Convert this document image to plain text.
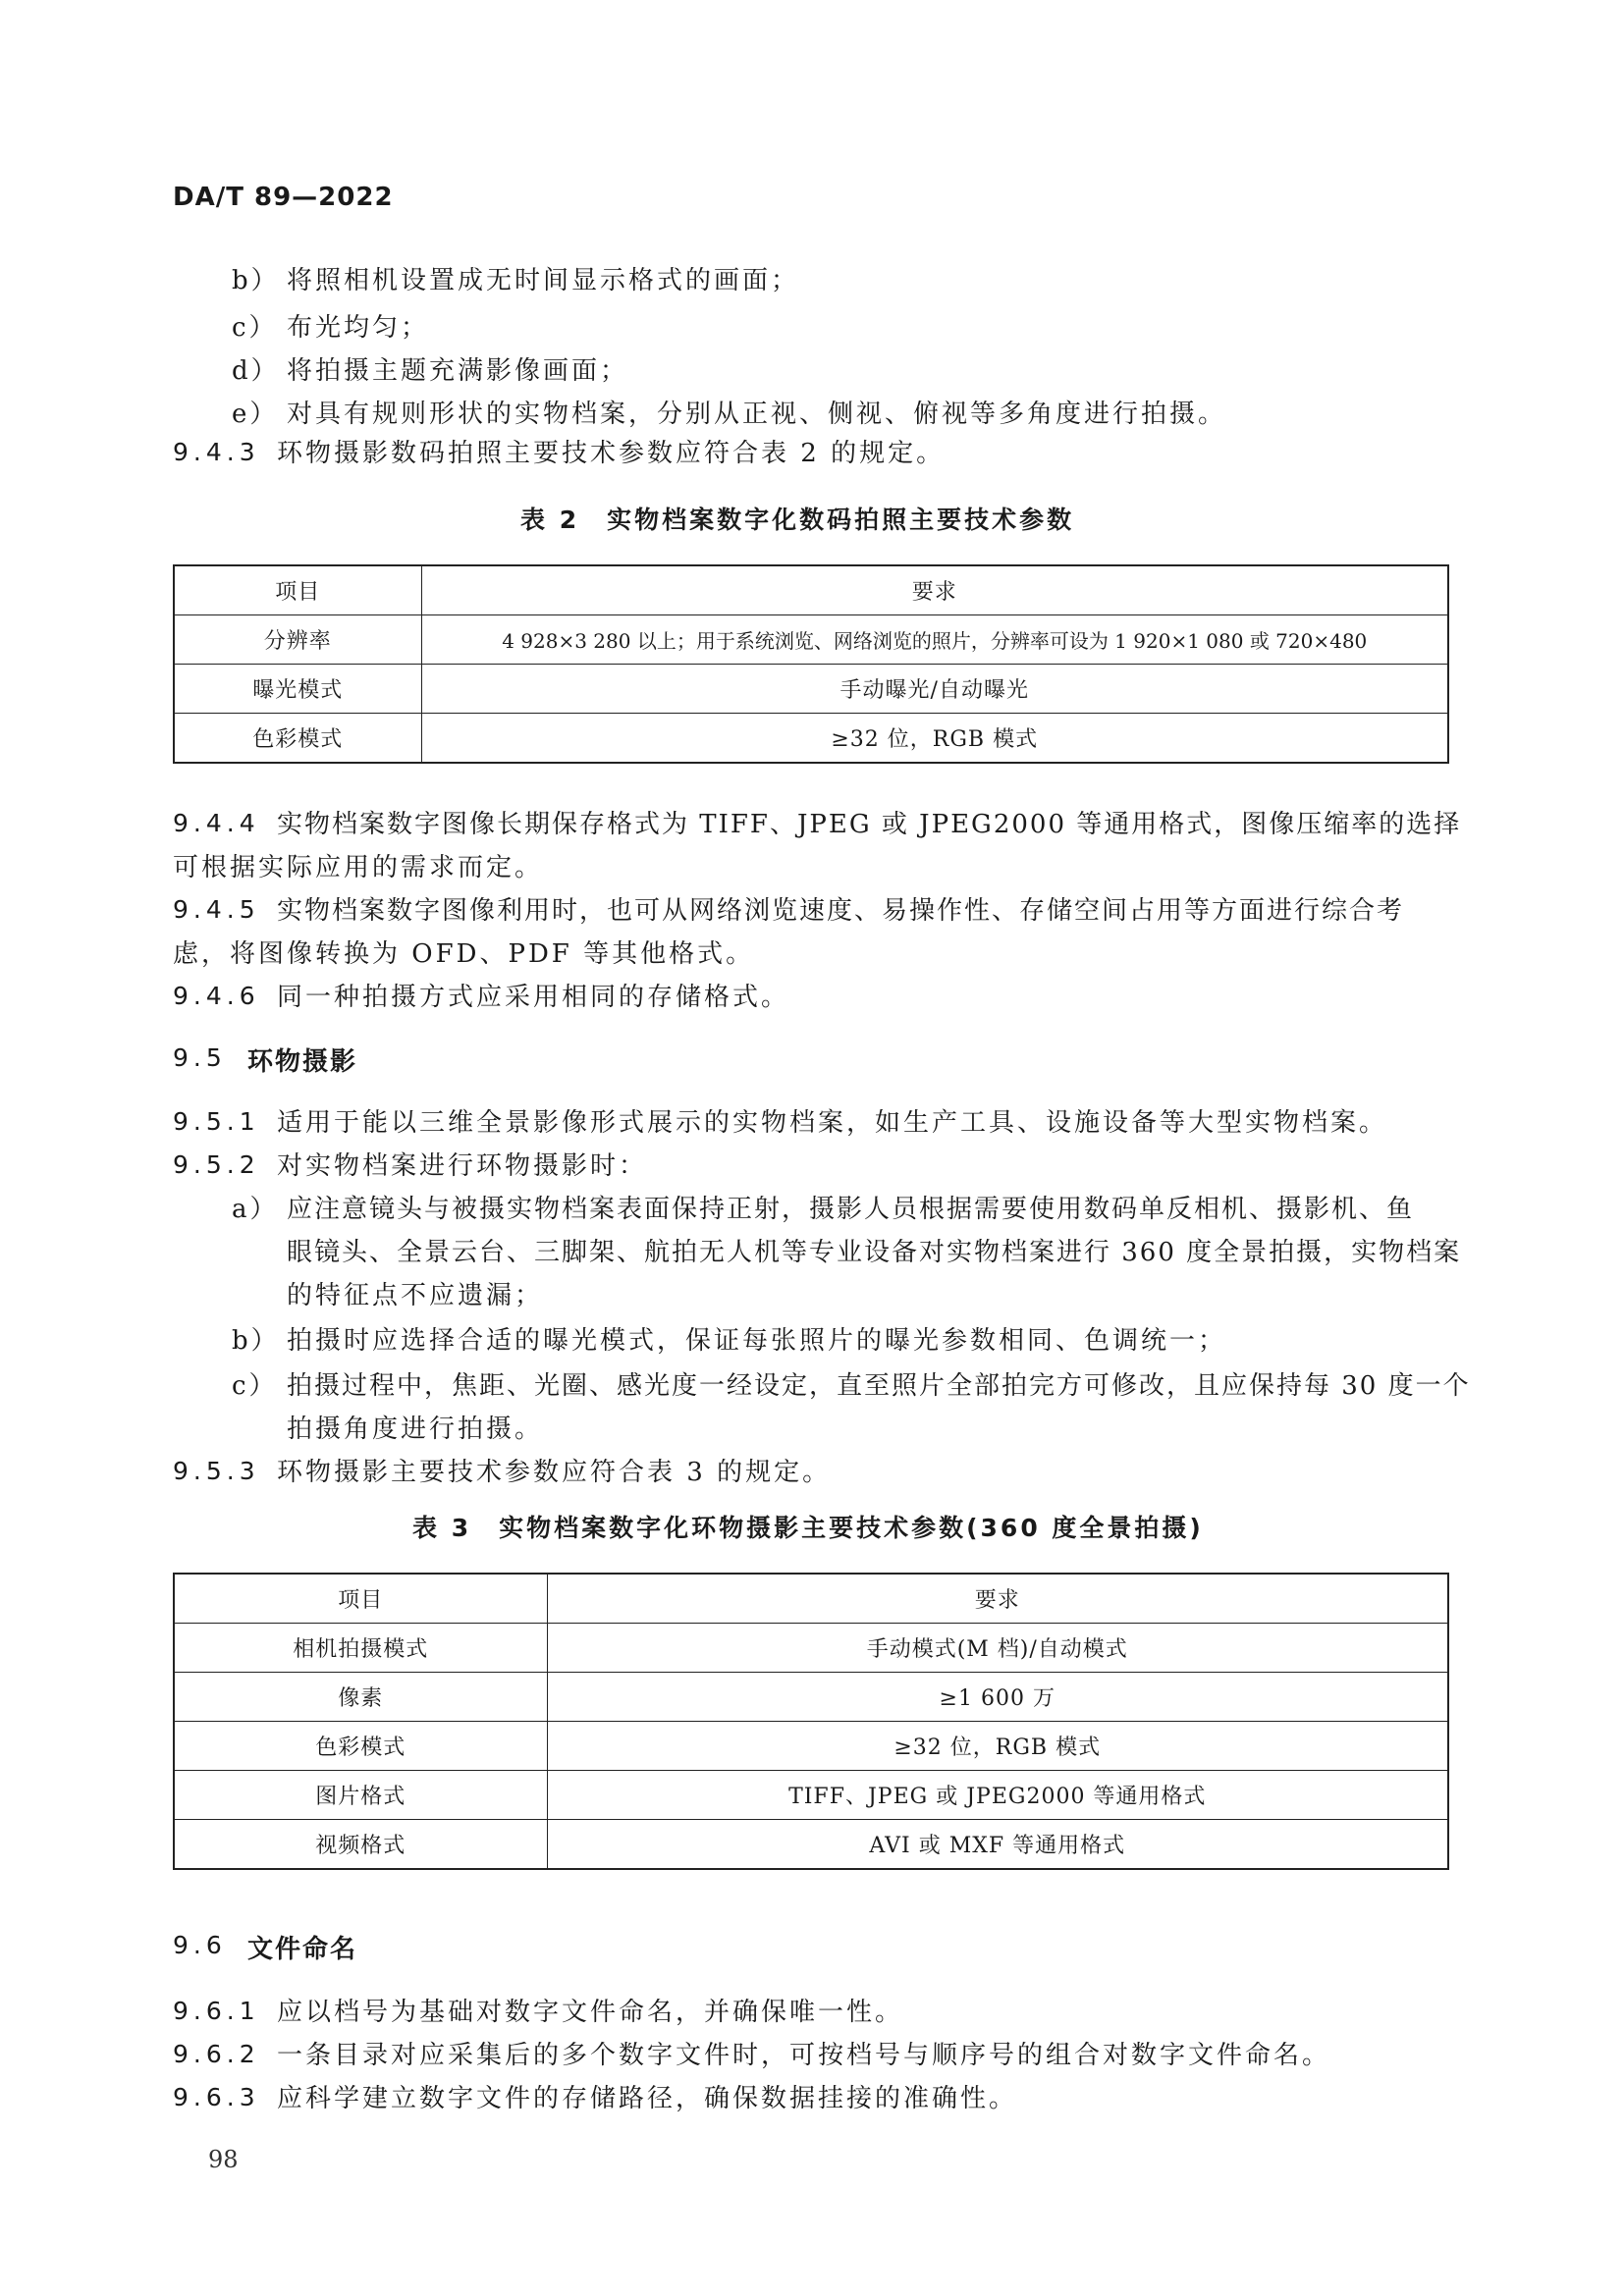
DA/T 89—2022
b） 将照相机设置成无时间显示格式的画面；
c） 布光均匀；
d） 将拍摄主题充满影像画面；
e） 对具有规则形状的实物档案，分别从正视、侧视、俯视等多角度进行拍摄。
9.4.3 环物摄影数码拍照主要技术参数应符合表 2 的规定。
表 2　实物档案数字化数码拍照主要技术参数
项目	要求
分辨率	4 928×3 280 以上；用于系统浏览、网络浏览的照片，分辨率可设为 1 920×1 080 或 720×480
曝光模式	手动曝光/自动曝光
色彩模式	≥32 位，RGB 模式
9.4.4 实物档案数字图像长期保存格式为 TIFF、JPEG 或 JPEG2000 等通用格式，图像压缩率的选择
可根据实际应用的需求而定。
9.4.5 实物档案数字图像利用时，也可从网络浏览速度、易操作性、存储空间占用等方面进行综合考
虑，将图像转换为 OFD、PDF 等其他格式。
9.4.6 同一种拍摄方式应采用相同的存储格式。
9.5 环物摄影
9.5.1 适用于能以三维全景影像形式展示的实物档案，如生产工具、设施设备等大型实物档案。
9.5.2 对实物档案进行环物摄影时：
a） 应注意镜头与被摄实物档案表面保持正射，摄影人员根据需要使用数码单反相机、摄影机、鱼
眼镜头、全景云台、三脚架、航拍无人机等专业设备对实物档案进行 360 度全景拍摄，实物档案
的特征点不应遗漏；
b） 拍摄时应选择合适的曝光模式，保证每张照片的曝光参数相同、色调统一；
c） 拍摄过程中，焦距、光圈、感光度一经设定，直至照片全部拍完方可修改，且应保持每 30 度一个
拍摄角度进行拍摄。
9.5.3 环物摄影主要技术参数应符合表 3 的规定。
表 3　实物档案数字化环物摄影主要技术参数(360 度全景拍摄)
项目	要求
相机拍摄模式	手动模式(M 档)/自动模式
像素	≥1 600 万
色彩模式	≥32 位，RGB 模式
图片格式	TIFF、JPEG 或 JPEG2000 等通用格式
视频格式	AVI 或 MXF 等通用格式
9.6 文件命名
9.6.1 应以档号为基础对数字文件命名，并确保唯一性。
9.6.2 一条目录对应采集后的多个数字文件时，可按档号与顺序号的组合对数字文件命名。
9.6.3 应科学建立数字文件的存储路径，确保数据挂接的准确性。
98
